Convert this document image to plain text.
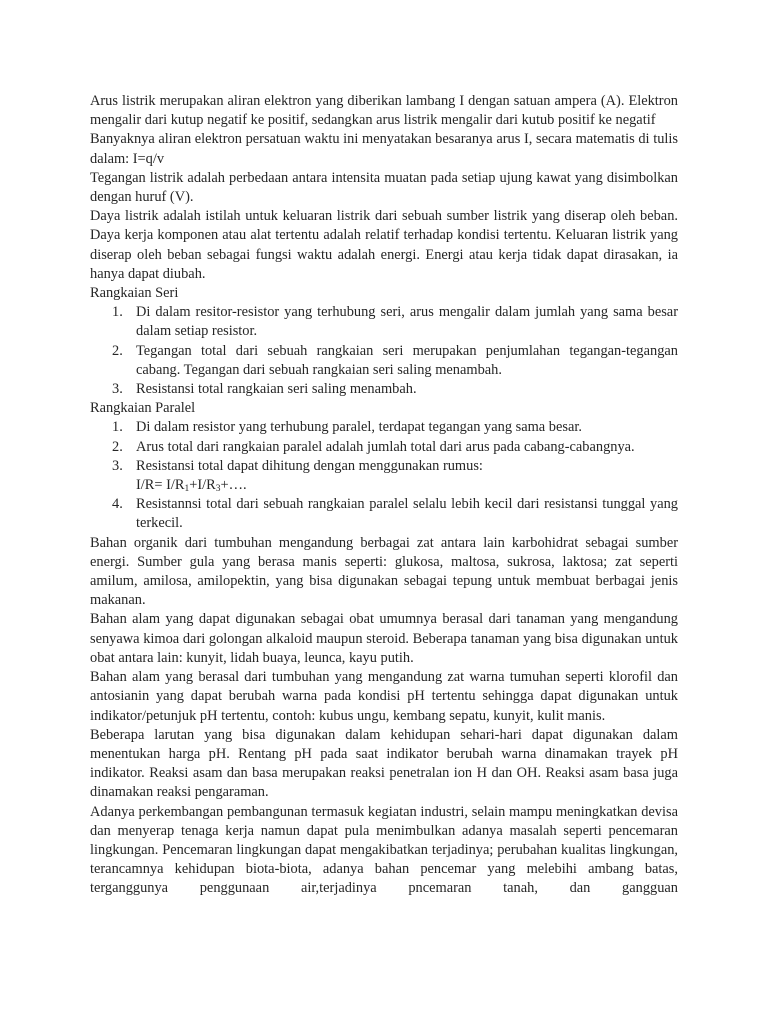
Arus listrik merupakan aliran elektron yang diberikan lambang I dengan satuan ampera (A). Elektron mengalir dari kutup negatif ke positif, sedangkan arus listrik mengalir dari kutub positif ke negatif

Banyaknya aliran elektron persatuan waktu ini menyatakan besaranya arus I, secara matematis di tulis dalam: I=q/v

Tegangan listrik adalah perbedaan antara intensita muatan pada setiap ujung kawat yang disimbolkan dengan huruf (V).

Daya listrik adalah istilah untuk keluaran listrik dari sebuah sumber listrik yang diserap oleh beban. Daya kerja komponen atau alat tertentu adalah relatif terhadap kondisi tertentu. Keluaran listrik yang diserap oleh beban sebagai fungsi waktu adalah energi. Energi atau kerja tidak dapat dirasakan, ia hanya dapat diubah.

Rangkaian Seri
1. Di dalam resitor-resistor yang terhubung seri, arus mengalir dalam jumlah yang sama besar dalam setiap resistor.
2. Tegangan total dari sebuah rangkaian seri merupakan penjumlahan tegangan-tegangan cabang. Tegangan dari sebuah rangkaian seri saling menambah.
3. Resistansi total rangkaian seri saling menambah.
Rangkaian Paralel
1. Di dalam resistor yang terhubung paralel, terdapat tegangan yang sama besar.
2. Arus total dari rangkaian paralel adalah jumlah total dari arus pada cabang-cabangnya.
3. Resistansi total dapat dihitung dengan menggunakan rumus:
$I/R= I/R_1+I/R_3+\dots$.
4. Resistannsi total dari sebuah rangkaian paralel selalu lebih kecil dari resistansi tunggal yang terkecil.

Bahan organik dari tumbuhan mengandung berbagai zat antara lain karbohidrat sebagai sumber energi. Sumber gula yang berasa manis seperti: glukosa, maltosa, sukrosa, laktosa; zat seperti amilum, amilosa, amilopektin, yang bisa digunakan sebagai tepung untuk membuat berbagai jenis makanan.

Bahan alam yang dapat digunakan sebagai obat umumnya berasal dari tanaman yang mengandung senyawa kimoa dari golongan alkaloid maupun steroid. Beberapa tanaman yang bisa digunakan untuk obat antara lain: kunyit, lidah buaya, leunca, kayu putih.

Bahan alam yang berasal dari tumbuhan yang mengandung zat warna tumuhan seperti klorofil dan antosianin yang dapat berubah warna pada kondisi pH tertentu sehingga dapat digunakan untuk indikator/petunjuk pH tertentu, contoh: kubus ungu, kembang sepatu, kunyit, kulit manis.

Beberapa larutan yang bisa digunakan dalam kehidupan sehari-hari dapat digunakan dalam menentukan harga pH. Rentang pH pada saat indikator berubah warna dinamakan trayek pH indikator. Reaksi asam dan basa merupakan reaksi penetralan ion H dan OH. Reaksi asam basa juga dinamakan reaksi pengaraman.

Adanya perkembangan pembangunan termasuk kegiatan industri, selain mampu meningkatkan devisa dan menyerap tenaga kerja namun dapat pula menimbulkan adanya masalah seperti pencemaran lingkungan. Pencemaran lingkungan dapat mengakibatkan terjadinya; perubahan kualitas lingkungan, terancamnya kehidupan biota-biota, adanya bahan pencemar yang melebihi ambang batas, terganggunya penggunaan air,terjadinya pncemaran tanah, dan gangguan
